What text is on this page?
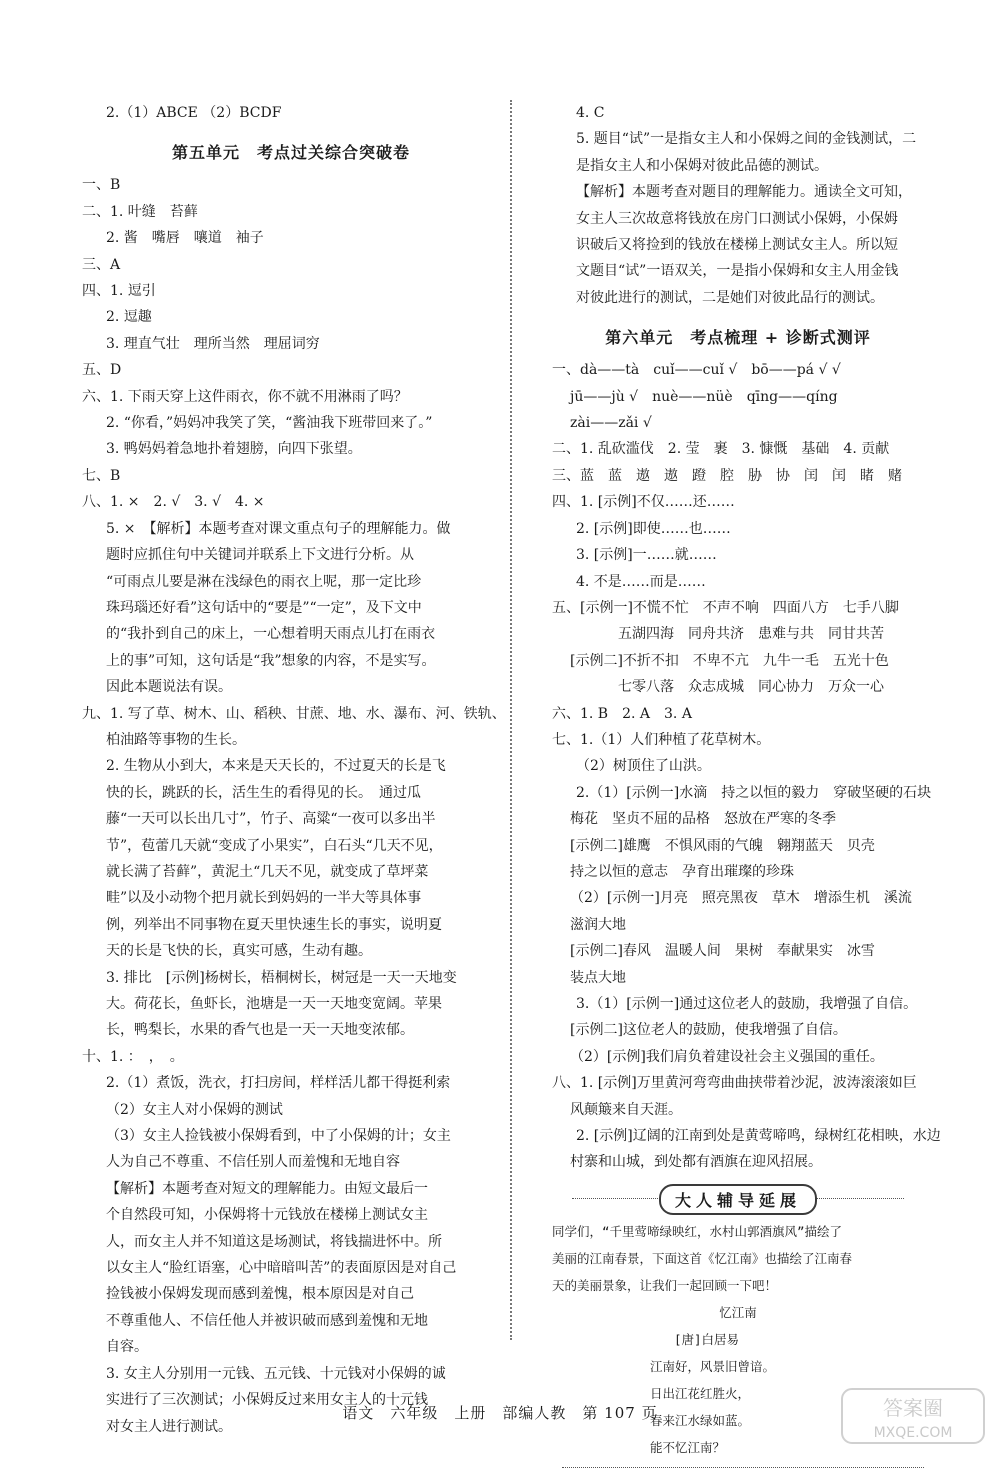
2.（1）ABCE （2）BCDF
第五单元　考点过关综合突破卷
一、B
二、1. 叶缝　苔藓
2. 酱　嘴唇　嚷道　袖子
三、A
四、1. 逗引
2. 逗趣
3. 理直气壮　理所当然　理屈词穷
五、D
六、1. 下雨天穿上这件雨衣，你不就不用淋雨了吗？
2. “你看，”妈妈冲我笑了笑，“酱油我下班带回来了。”
3. 鸭妈妈着急地扑着翅膀，向四下张望。
七、B
八、1. ×　2. √　3. √　4. ×
5. ×　【解析】本题考查对课文重点句子的理解能力。做
题时应抓住句中关键词并联系上下文进行分析。从
“可雨点儿要是淋在浅绿色的雨衣上呢，那一定比珍
珠玛瑙还好看”这句话中的“要是”“一定”，及下文中
的“我扑到自己的床上，一心想着明天雨点儿打在雨衣
上的事”可知，这句话是“我”想象的内容，不是实写。
因此本题说法有误。
九、1. 写了草、树木、山、稻秧、甘蔗、地、水、瀑布、河、铁轨、
柏油路等事物的生长。
2. 生物从小到大，本来是天天长的，不过夏天的长是飞
快的长，跳跃的长，活生生的看得见的长。　通过瓜
藤“一天可以长出几寸”，竹子、高粱“一夜可以多出半
节”，苞蕾几天就“变成了小果实”，白石头“几天不见，
就长满了苔藓”，黄泥土“几天不见，就变成了草坪菜
畦”以及小动物个把月就长到妈妈的一半大等具体事
例，列举出不同事物在夏天里快速生长的事实，说明夏
天的长是飞快的长，真实可感，生动有趣。
3. 排比　[示例]杨树长，梧桐树长，树冠是一天一天地变
大。荷花长，鱼虾长，池塘是一天一天地变宽阔。苹果
长，鸭梨长，水果的香气也是一天一天地变浓郁。
十、1. ：　，　。
2.（1）煮饭，洗衣，打扫房间，样样活儿都干得挺利索
（2）女主人对小保姆的测试
（3）女主人捡钱被小保姆看到，中了小保姆的计；女主
人为自己不尊重、不信任别人而羞愧和无地自容
【解析】本题考查对短文的理解能力。由短文最后一
个自然段可知，小保姆将十元钱放在楼梯上测试女主
人，而女主人并不知道这是场测试，将钱揣进怀中。所
以女主人“脸红语塞，心中暗暗叫苦”的表面原因是对自己
捡钱被小保姆发现而感到羞愧，根本原因是对自己
不尊重他人、不信任他人并被识破而感到羞愧和无地
自容。
3. 女主人分别用一元钱、五元钱、十元钱对小保姆的诚
实进行了三次测试；小保姆反过来用女主人的十元钱
对女主人进行测试。
4. C
5. 题目“试”一是指女主人和小保姆之间的金钱测试，二
是指女主人和小保姆对彼此品德的测试。
【解析】本题考查对题目的理解能力。通读全文可知，
女主人三次故意将钱放在房门口测试小保姆，小保姆
识破后又将捡到的钱放在楼梯上测试女主人。所以短
文题目“试”一语双关，一是指小保姆和女主人用金钱
对彼此进行的测试，二是她们对彼此品行的测试。
第六单元　考点梳理 + 诊断式测评
一、dà——tà　cuǐ——cuǐ √　bō——pá √ √
jū——jù √　nuè——nüè　qīng——qíng
zài——zǎi √
二、1. 乱砍滥伐　2. 莹　裹　3. 慷慨　基础　4. 贡献
三、蓝　蓝　遨　遨　蹬　腔　胁　协　闰　闰　睹　赌
四、1. [示例]不仅……还……
2. [示例]即使……也……
3. [示例]一……就……
4. 不是……而是……
五、[示例一]不慌不忙　不声不响　四面八方　七手八脚
　　　五湖四海　同舟共济　患难与共　同甘共苦
[示例二]不折不扣　不卑不亢　九牛一毛　五光十色
　　　七零八落　众志成城　同心协力　万众一心
六、1. B　2. A　3. A
七、1.（1）人们种植了花草树木。
（2）树顶住了山洪。
2.（1）[示例一]水滴　持之以恒的毅力　穿破坚硬的石块
梅花　坚贞不屈的品格　怒放在严寒的冬季
[示例二]雄鹰　不惧风雨的气魄　翱翔蓝天　贝壳
持之以恒的意志　孕育出璀璨的珍珠
（2）[示例一]月亮　照亮黑夜　草木　增添生机　溪流
滋润大地
[示例二]春风　温暖人间　果树　奉献果实　冰雪
装点大地
3.（1）[示例一]通过这位老人的鼓励，我增强了自信。
[示例二]这位老人的鼓励，使我增强了自信。
（2）[示例]我们肩负着建设社会主义强国的重任。
八、1. [示例]万里黄河弯弯曲曲挟带着沙泥，波涛滚滚如巨
风颠簸来自天涯。
2. [示例]辽阔的江南到处是黄莺啼鸣，绿树红花相映，水边
村寨和山城，到处都有酒旗在迎风招展。
大人辅导延展
同学们，“千里莺啼绿映红，水村山郭酒旗风”描绘了
美丽的江南春景，下面这首《忆江南》也描绘了江南春
天的美丽景象，让我们一起回顾一下吧！
忆江南
[唐]白居易
江南好，风景旧曾谙。
日出江花红胜火，
春来江水绿如蓝。
能不忆江南？
语文　六年级　上册　部编人教　第 107 页	答案圈
MXQE.COM
